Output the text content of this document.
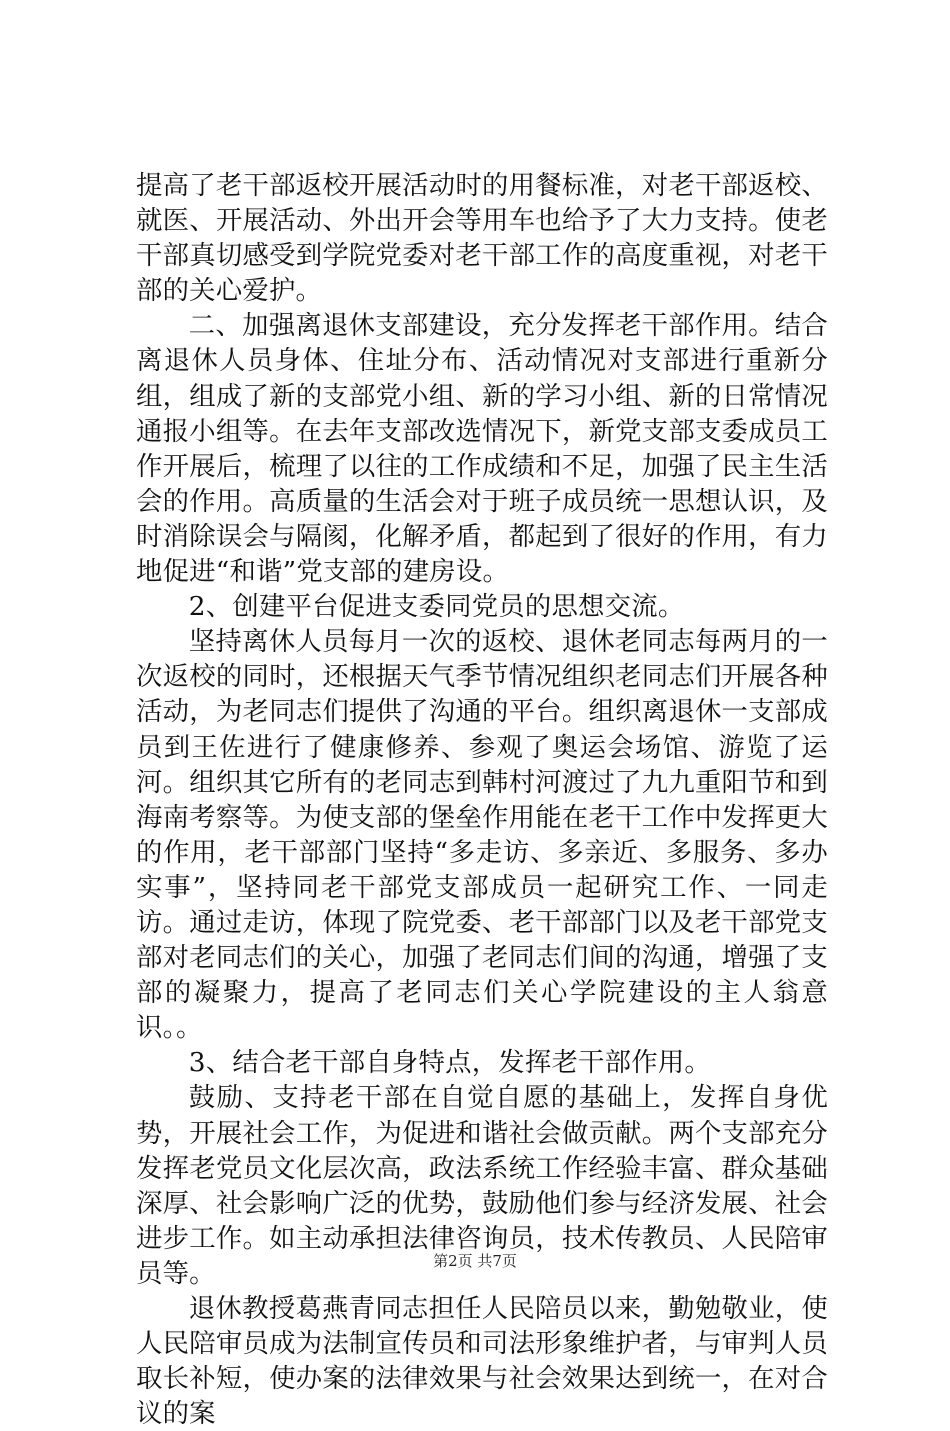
提高了老干部返校开展活动时的用餐标准，对老干部返校、就医、开展活动、外出开会等用车也给予了大力支持。使老干部真切感受到学院党委对老干部工作的高度重视，对老干部的关心爱护。

二、加强离退休支部建设，充分发挥老干部作用。结合离退休人员身体、住址分布、活动情况对支部进行重新分组，组成了新的支部党小组、新的学习小组、新的日常情况通报小组等。在去年支部改选情况下，新党支部支委成员工作开展后，梳理了以往的工作成绩和不足，加强了民主生活会的作用。高质量的生活会对于班子成员统一思想认识，及时消除误会与隔阂，化解矛盾，都起到了很好的作用，有力地促进“和谐”党支部的建房设。

2、创建平台促进支委同党员的思想交流。

坚持离休人员每月一次的返校、退休老同志每两月的一次返校的同时，还根据天气季节情况组织老同志们开展各种活动，为老同志们提供了沟通的平台。组织离退休一支部成员到王佐进行了健康修养、参观了奥运会场馆、游览了运河。组织其它所有的老同志到韩村河渡过了九九重阳节和到海南考察等。为使支部的堡垒作用能在老干工作中发挥更大的作用，老干部部门坚持“多走访、多亲近、多服务、多办实事”，坚持同老干部党支部成员一起研究工作、一同走访。通过走访，体现了院党委、老干部部门以及老干部党支部对老同志们的关心，加强了老同志们间的沟通，增强了支部的凝聚力，提高了老同志们关心学院建设的主人翁意识。。

3、结合老干部自身特点，发挥老干部作用。

鼓励、支持老干部在自觉自愿的基础上，发挥自身优势，开展社会工作，为促进和谐社会做贡献。两个支部充分发挥老党员文化层次高，政法系统工作经验丰富、群众基础深厚、社会影响广泛的优势，鼓励他们参与经济发展、社会进步工作。如主动承担法律咨询员，技术传教员、人民陪审员等。

退休教授葛燕青同志担任人民陪员以来，勤勉敬业，使人民陪审员成为法制宣传员和司法形象维护者，与审判人员取长补短，使办案的法律效果与社会效果达到统一，在对合议的案

第2页 共7页
